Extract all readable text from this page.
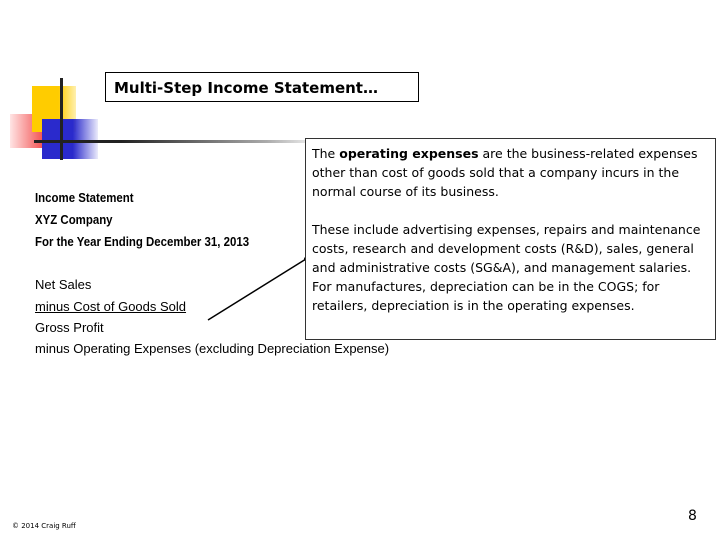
Multi-Step Income Statement…
Income Statement
XYZ Company
For the Year Ending December 31, 2013
Net Sales
minus Cost of Goods Sold
Gross Profit
minus Operating Expenses (excluding Depreciation Expense)

The operating expenses are the business-related expenses other than cost of goods sold that a company incurs in the normal course of its business.

These include advertising expenses, repairs and maintenance costs, research and development costs (R&D), sales, general and administrative costs (SG&A), and management salaries. For manufactures, depreciation can be in the COGS; for retailers, depreciation is in the operating expenses.

© 2014 Craig Ruff
8
